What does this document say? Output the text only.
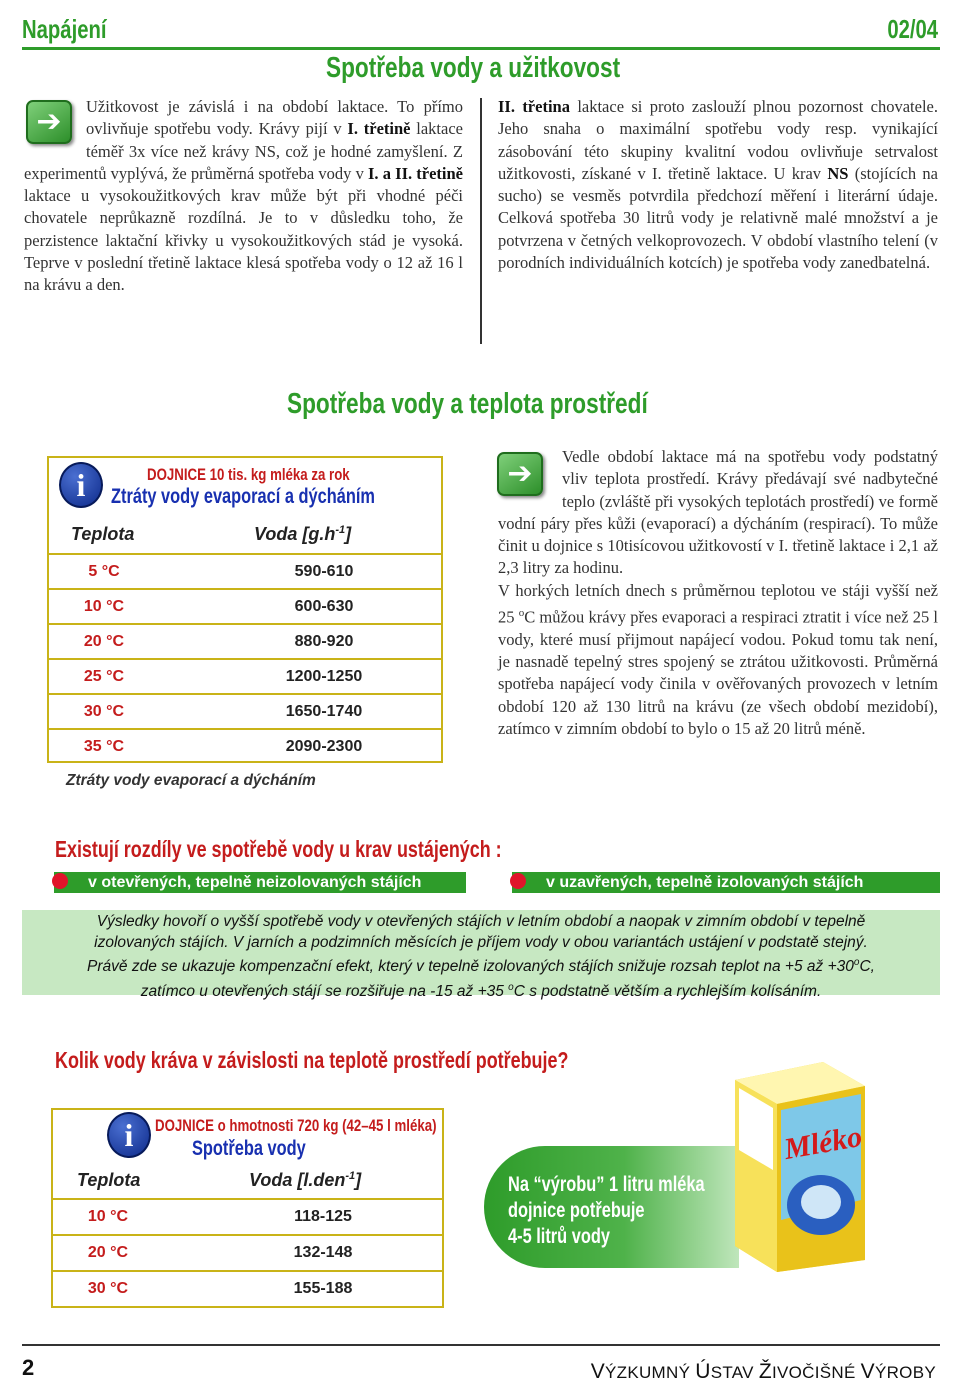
Napájení	02/04
Spotřeba vody a užitkovost
➔	Užitkovost je závislá i na období laktace. To přímo ovlivňuje spotřebu vody. Krávy pijí v I. třetině laktace téměř 3x více než krávy NS, což je hodné zamyšlení. Z experimentů vyplývá, že průměrná spotřeba vody v I. a II. třetině laktace u vysokoužitkových krav může být při vhodné péči chovatele neprůkazně rozdílná. Je to v důsledku toho, že perzistence laktační křivky u vysokoužitkových stád je vysoká. Teprve v poslední třetině laktace klesá spotřeba vody o 12 až 16 l na krávu a den.
II. třetina laktace si proto zaslouží plnou pozornost chovatele. Jeho snaha o maximální spotřebu vody resp. vynikající zásobování této skupiny kvalitní vodou ovlivňuje setrvalost užitkovosti, získané v I. třetině laktace. U krav NS (stojících na sucho) se vesměs potvrdila předchozí měření i literární údaje. Celková spotřeba 30 litrů vody je relativně malé množství a je potvrzena v četných velkoprovozech. V období vlastního telení (v porodních individuálních kotcích) je spotřeba vody zanedbatelná.
Spotřeba vody a teplota prostředí
i	DOJNICE 10 tis. kg mléka za rok
Ztráty vody evaporací a dýcháním
Teplota	Voda $[g.h^{-1}]$
5 °C	590-610
10 °C	600-630
20 °C	880-920
25 °C	1200-1250
30 °C	1650-1740
35 °C	2090-2300
Ztráty vody evaporací a dýcháním
➔	Vedle období laktace má na spotřebu vody podstatný vliv teplota prostředí. Krávy předávají své nadbytečné teplo (zvláště při vysokých teplotách prostředí) ve formě vodní páry přes kůži (evaporací) a dýcháním (respirací). To může činit u dojnice s 10tisícovou užitkovostí v I. třetině laktace i 2,1 až 2,3 litry za hodinu.
V horkých letních dnech s průměrnou teplotou ve stáji vyšší než 25 $^o$C můžou krávy přes evaporaci a respiraci ztratit i více než 25 l vody, které musí přijmout napájecí vodou. Pokud tomu tak není, je nasnadě tepelný stres spojený se ztrátou užitkovosti. Průměrná spotřeba napájecí vody činila v ověřovaných provozech v letním období 120 až 130 litrů na krávu (ze všech období mezidobí), zatímco v zimním období to bylo o 15 až 20 litrů méně.
Existují rozdíly ve spotřebě vody u krav ustájených :
v otevřených, tepelně neizolovaných stájích	v uzavřených, tepelně izolovaných stájích
Výsledky hovoří o vyšší spotřebě vody v otevřených stájích v letním období a naopak v zimním období v tepelně
izolovaných stájích. V jarních a podzimních měsících je příjem vody v obou variantách ustájení v podstatě stejný.
Právě zde se ukazuje kompenzační efekt, který v tepelně izolovaných stájích snižuje rozsah teplot na +5 až $+30^oC$,
zatímco u otevřených stájí se rozšiřuje na -15 až +35 $^o$C s podstatně větším a rychlejším kolísáním.
Kolik vody kráva v závislosti na teplotě prostředí potřebuje?
i DOJNICE o hmotnosti 720 kg (42–45 l mléka)
Spotřeba vody
Teplota	Voda [l.den$^{-1}$]
10 °C	118-125
20 °C	132-148
30 °C	155-188
Na “výrobu” 1 litru mléka
dojnice potřebuje
4-5 litrů vody
Mléko
2	VÝZKUMNÝ ÚSTAV ŽIVOČIŠNÉ VÝROBY
